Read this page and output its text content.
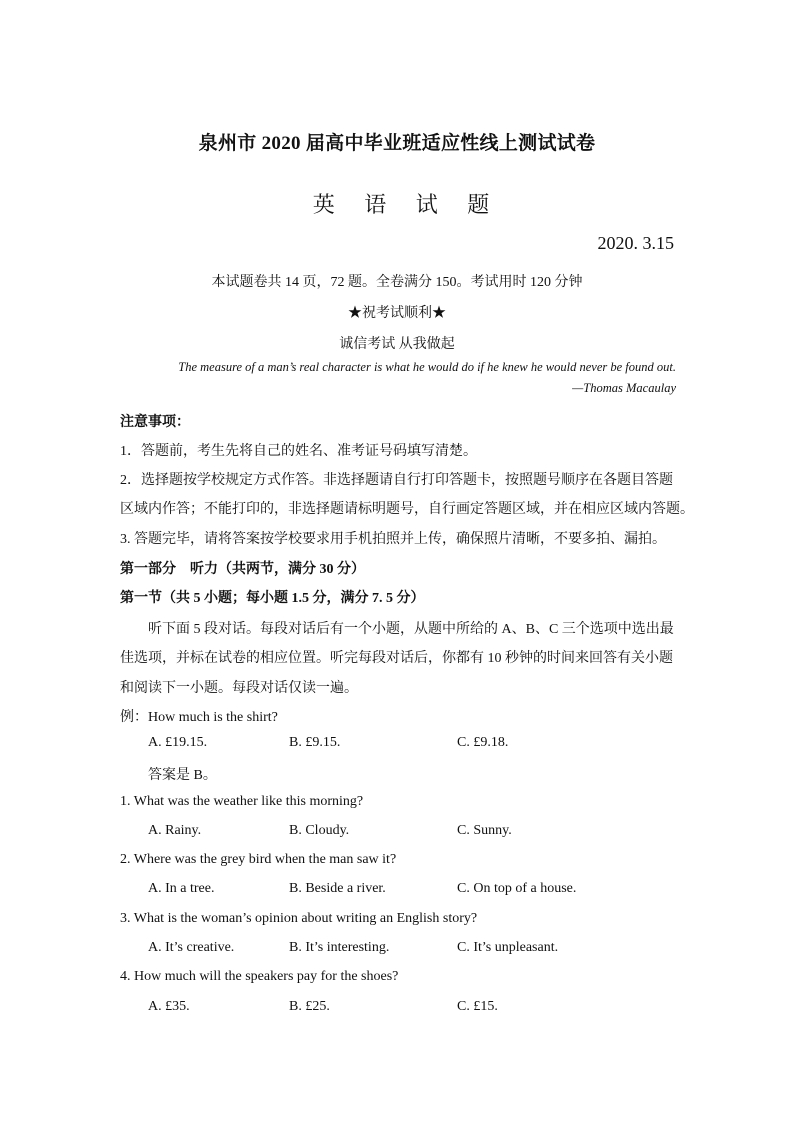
泉州市 2020 届高中毕业班适应性线上测试试卷
英 语 试 题
2020. 3.15
本试题卷共 14 页，72 题。全卷满分 150。考试用时 120 分钟
★祝考试顺利★
诚信考试 从我做起
The measure of a man’s real character is what he would do if he knew he would never be found out.
—Thomas Macaulay
注意事项：
1．答题前，考生先将自己的姓名、准考证号码填写清楚。
2．选择题按学校规定方式作答。非选择题请自行打印答题卡，按照题号顺序在各题目答题
区域内作答；不能打印的，非选择题请标明题号，自行画定答题区域，并在相应区域内答题。
3. 答题完毕，请将答案按学校要求用手机拍照并上传，确保照片清晰，不要多拍、漏拍。
第一部分　听力（共两节，满分 30 分）
第一节（共 5 小题；每小题 1.5 分，满分 7. 5 分）
听下面 5 段对话。每段对话后有一个小题，从题中所给的 A、B、C 三个选项中选出最
佳选项，并标在试卷的相应位置。听完每段对话后，你都有 10 秒钟的时间来回答有关小题
和阅读下一小题。每段对话仅读一遍。
例：How much is the shirt?
A. £19.15.	B. £9.15.	C. £9.18.
答案是 B。
1. What was the weather like this morning?
A. Rainy.	B. Cloudy.	C. Sunny.
2. Where was the grey bird when the man saw it?
A. In a tree.	B. Beside a river.	C. On top of a house.
3. What is the woman’s opinion about writing an English story?
A. It’s creative.	B. It’s interesting.	C. It’s unpleasant.
4. How much will the speakers pay for the shoes?
A. £35.	B. £25.	C. £15.
